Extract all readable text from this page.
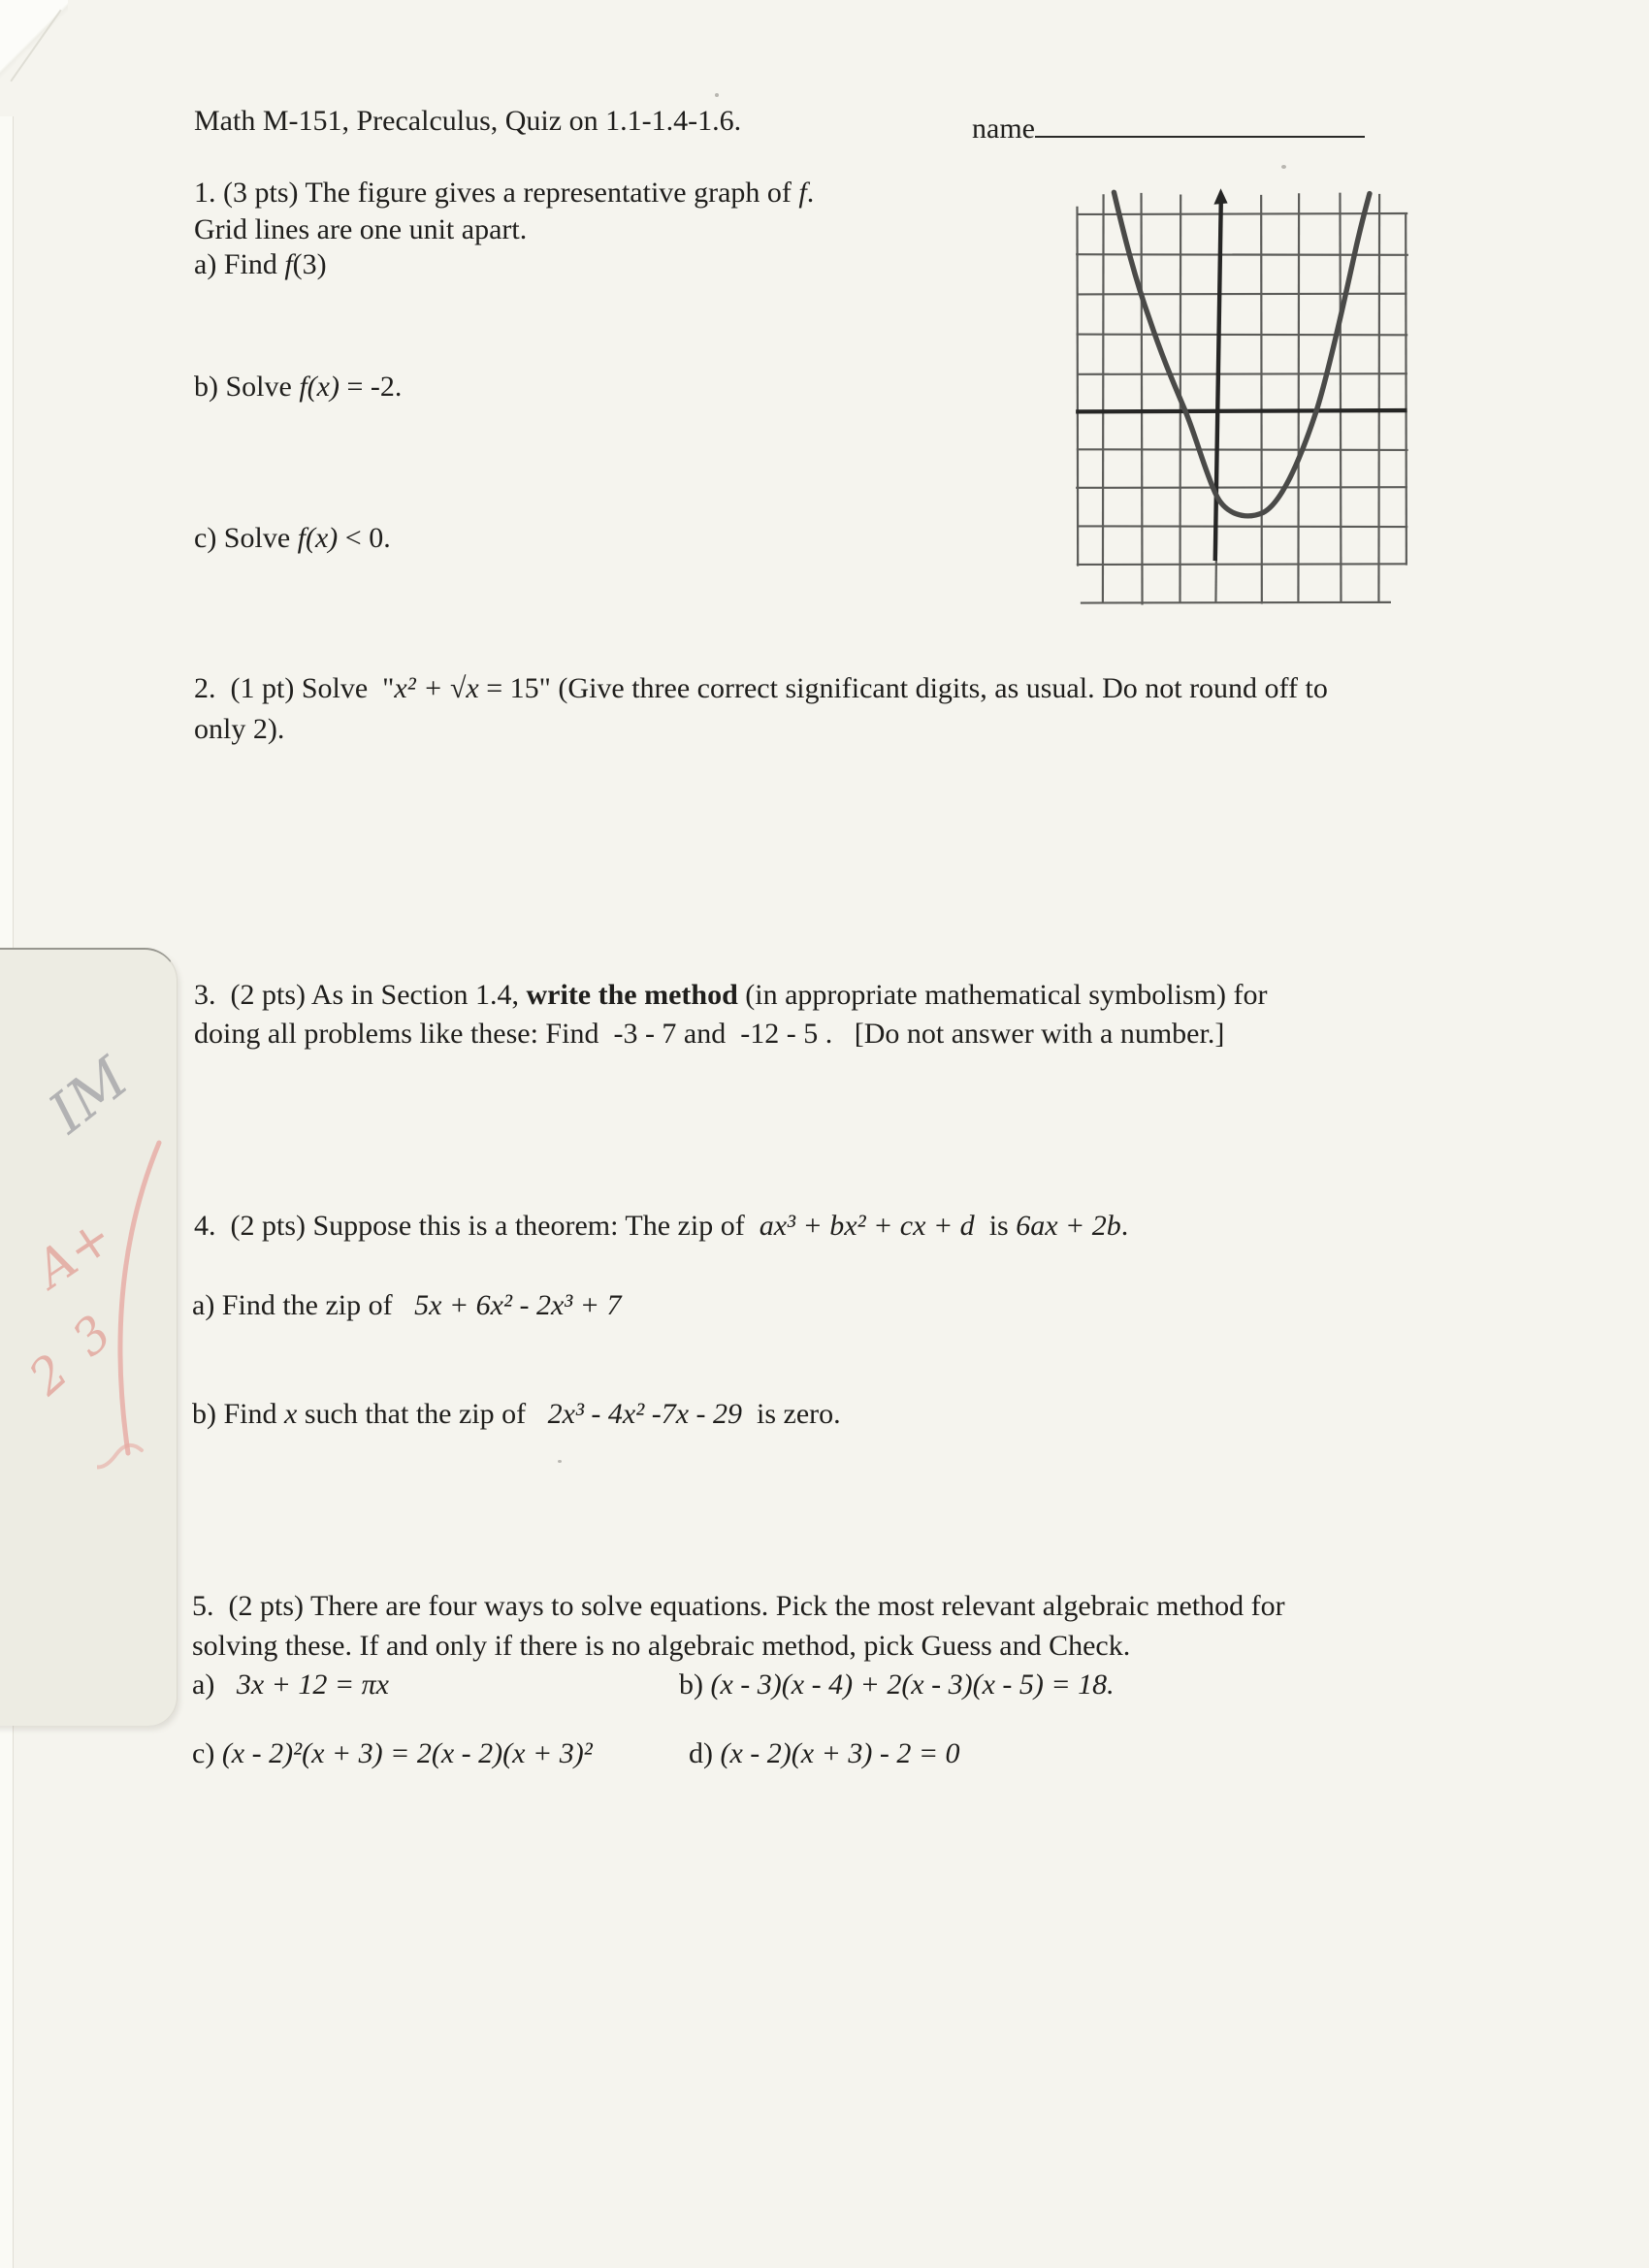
IM
A+
2 3
Math M-151, Precalculus, Quiz on 1.1-1.4-1.6.	name
1. (3 pts) The figure gives a representative graph of f.
Grid lines are one unit apart.
a) Find f(3)
b) Solve f(x) = -2.
c) Solve f(x) < 0.
2.  (1 pt) Solve  "x² + √x = 15" (Give three correct significant digits, as usual. Do not round off to
only 2).
3.  (2 pts) As in Section 1.4, write the method (in appropriate mathematical symbolism) for
doing all problems like these: Find  -3 - 7 and  -12 - 5 .   [Do not answer with a number.]
4.  (2 pts) Suppose this is a theorem: The zip of  ax³ + bx² + cx + d  is 6ax + 2b.
a) Find the zip of   5x + 6x² - 2x³ + 7
b) Find x such that the zip of   2x³ - 4x² -7x - 29  is zero.
5.  (2 pts) There are four ways to solve equations. Pick the most relevant algebraic method for
solving these. If and only if there is no algebraic method, pick Guess and Check.
a)   3x + 12 = πx	b) (x - 3)(x - 4) + 2(x - 3)(x - 5) = 18.
c) (x - 2)²(x + 3) = 2(x - 2)(x + 3)²	d) (x - 2)(x + 3) - 2 = 0
